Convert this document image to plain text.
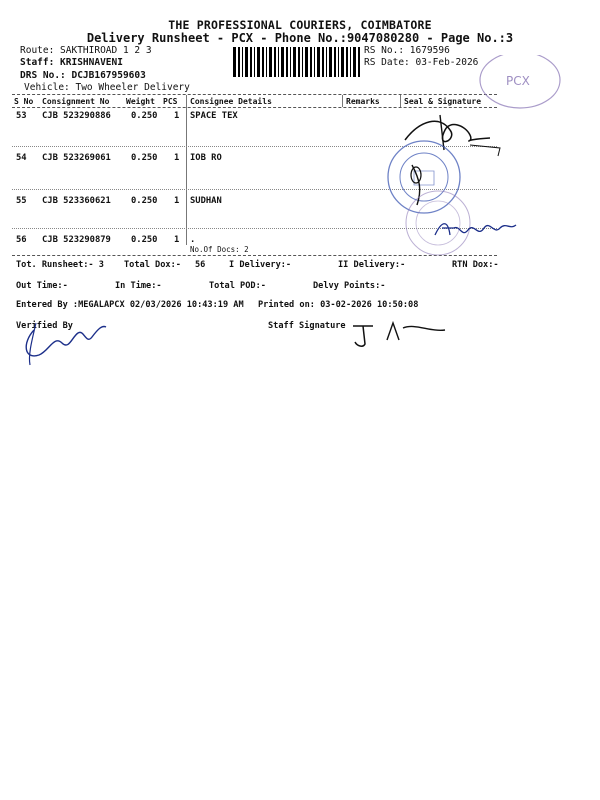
THE PROFESSIONAL COURIERS, COIMBATORE
Delivery Runsheet - PCX - Phone No.:9047080280 - Page No.:3
Route: SAKTHIROAD 1 2 3
Staff: KRISHNAVENI
DRS No.: DCJB167959603
Vehicle: Two Wheeler Delivery
RS No.: 1679596
RS Date: 03-Feb-2026
S No Consignment No Weight PCS Consignee Details	Remarks	Seal & Signature
53 CJB 523290886 0.250 1 SPACE TEX
54 CJB 523269061 0.250 1 IOB RO
55 CJB 523360621 0.250 1 SUDHAN
56 CJB 523290879 0.250 1 .
No.Of Docs: 2
Tot. Runsheet:- 3 Total Dox:- 56	I Delivery:-	II Delivery:-	RTN Dox:-
Out Time:-	In Time:-	Total POD:-	Delvy Points:-
Entered By :MEGALAPCX 02/03/2026 10:43:19 AM Printed on: 03-02-2026 10:50:08
Verified By	Staff Signature
PCX
